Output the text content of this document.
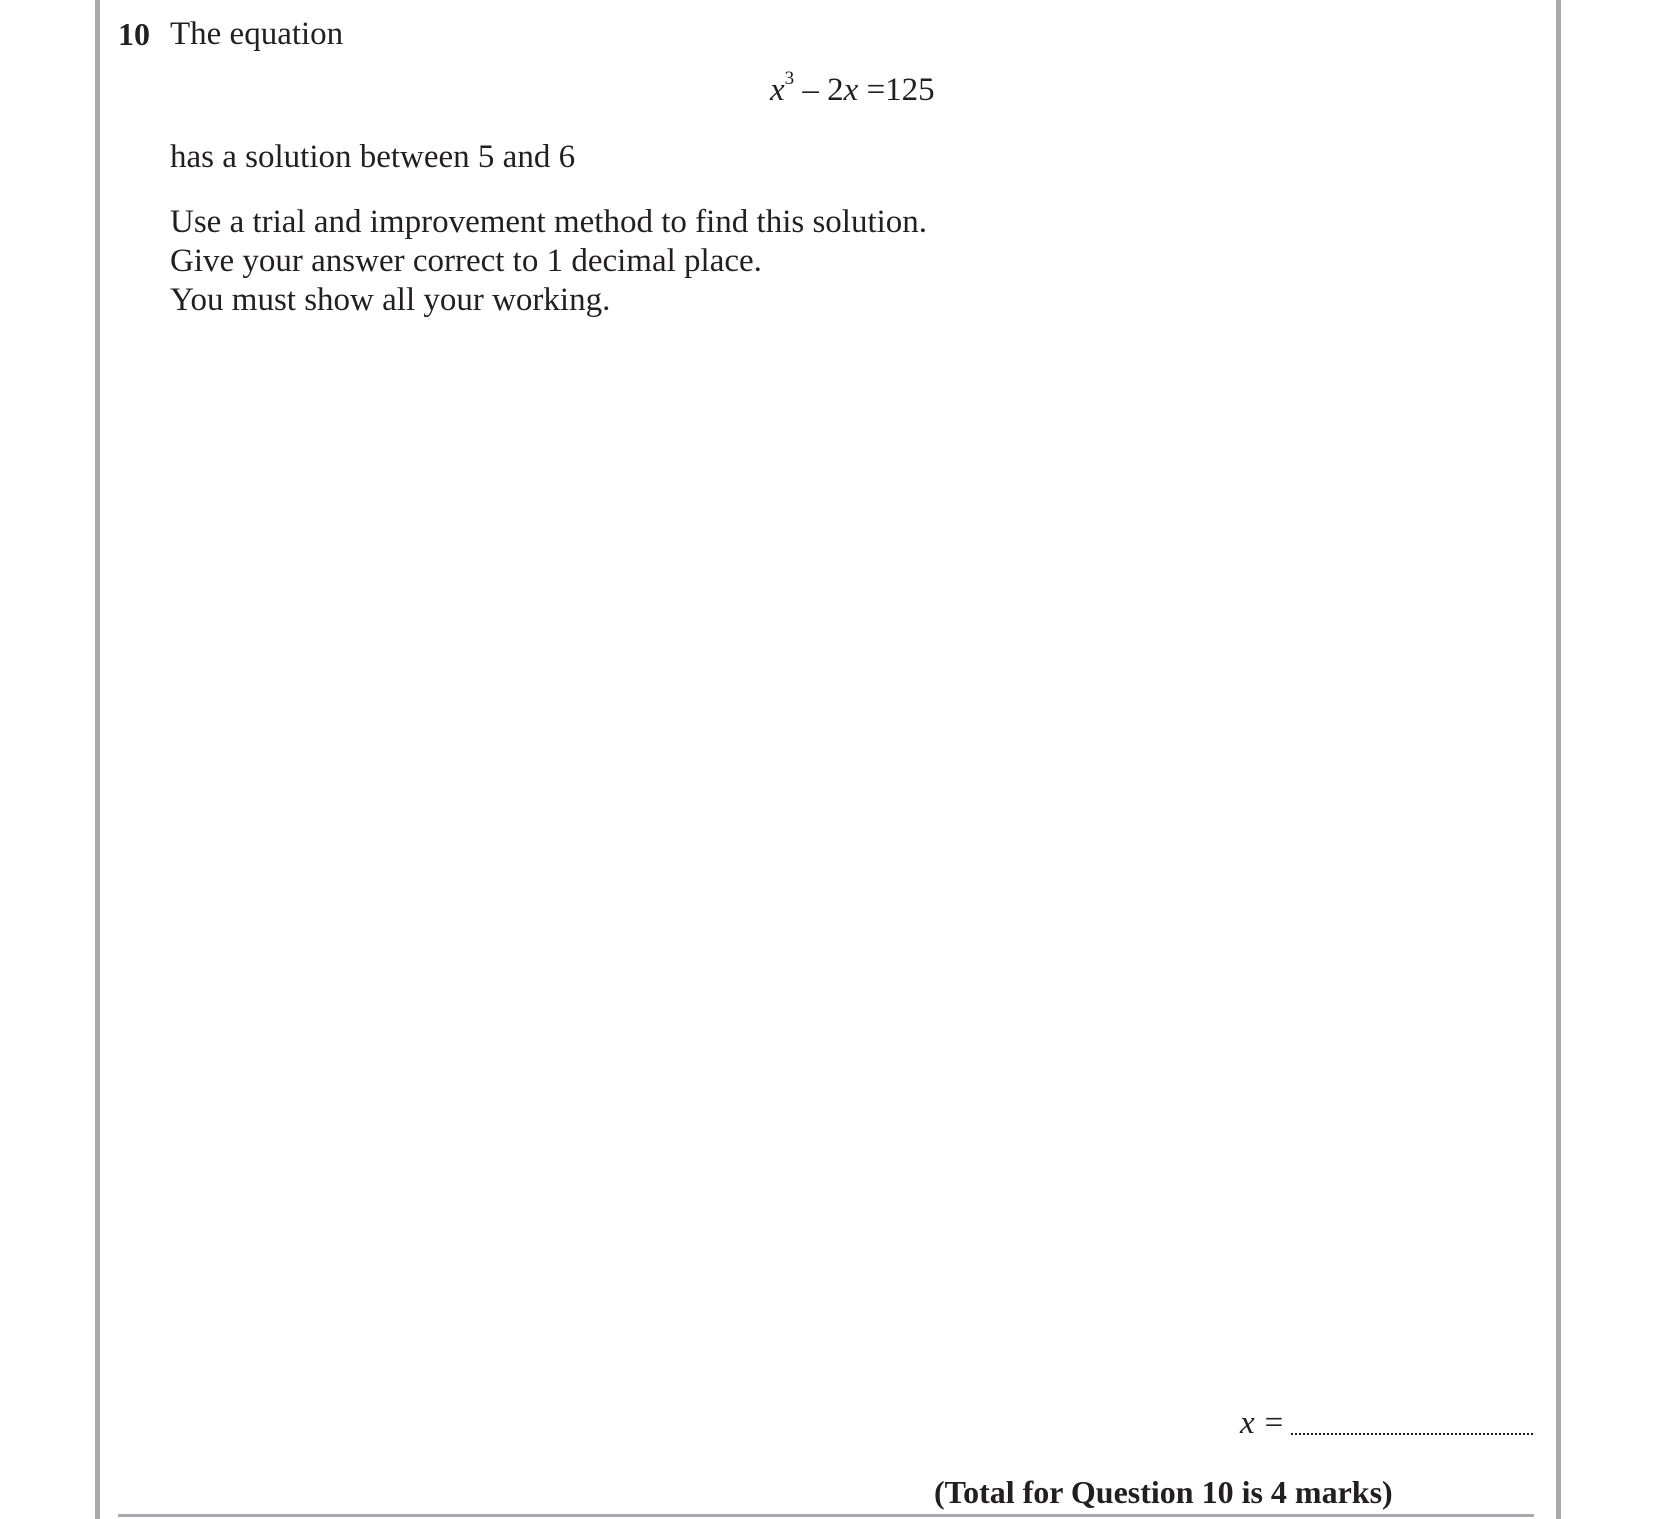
10 The equation
$x^3 - 2x =125$
has a solution between 5 and 6
Use a trial and improvement method to find this solution.
Give your answer correct to 1 decimal place.
You must show all your working.
x =
(Total for Question 10 is 4 marks)
